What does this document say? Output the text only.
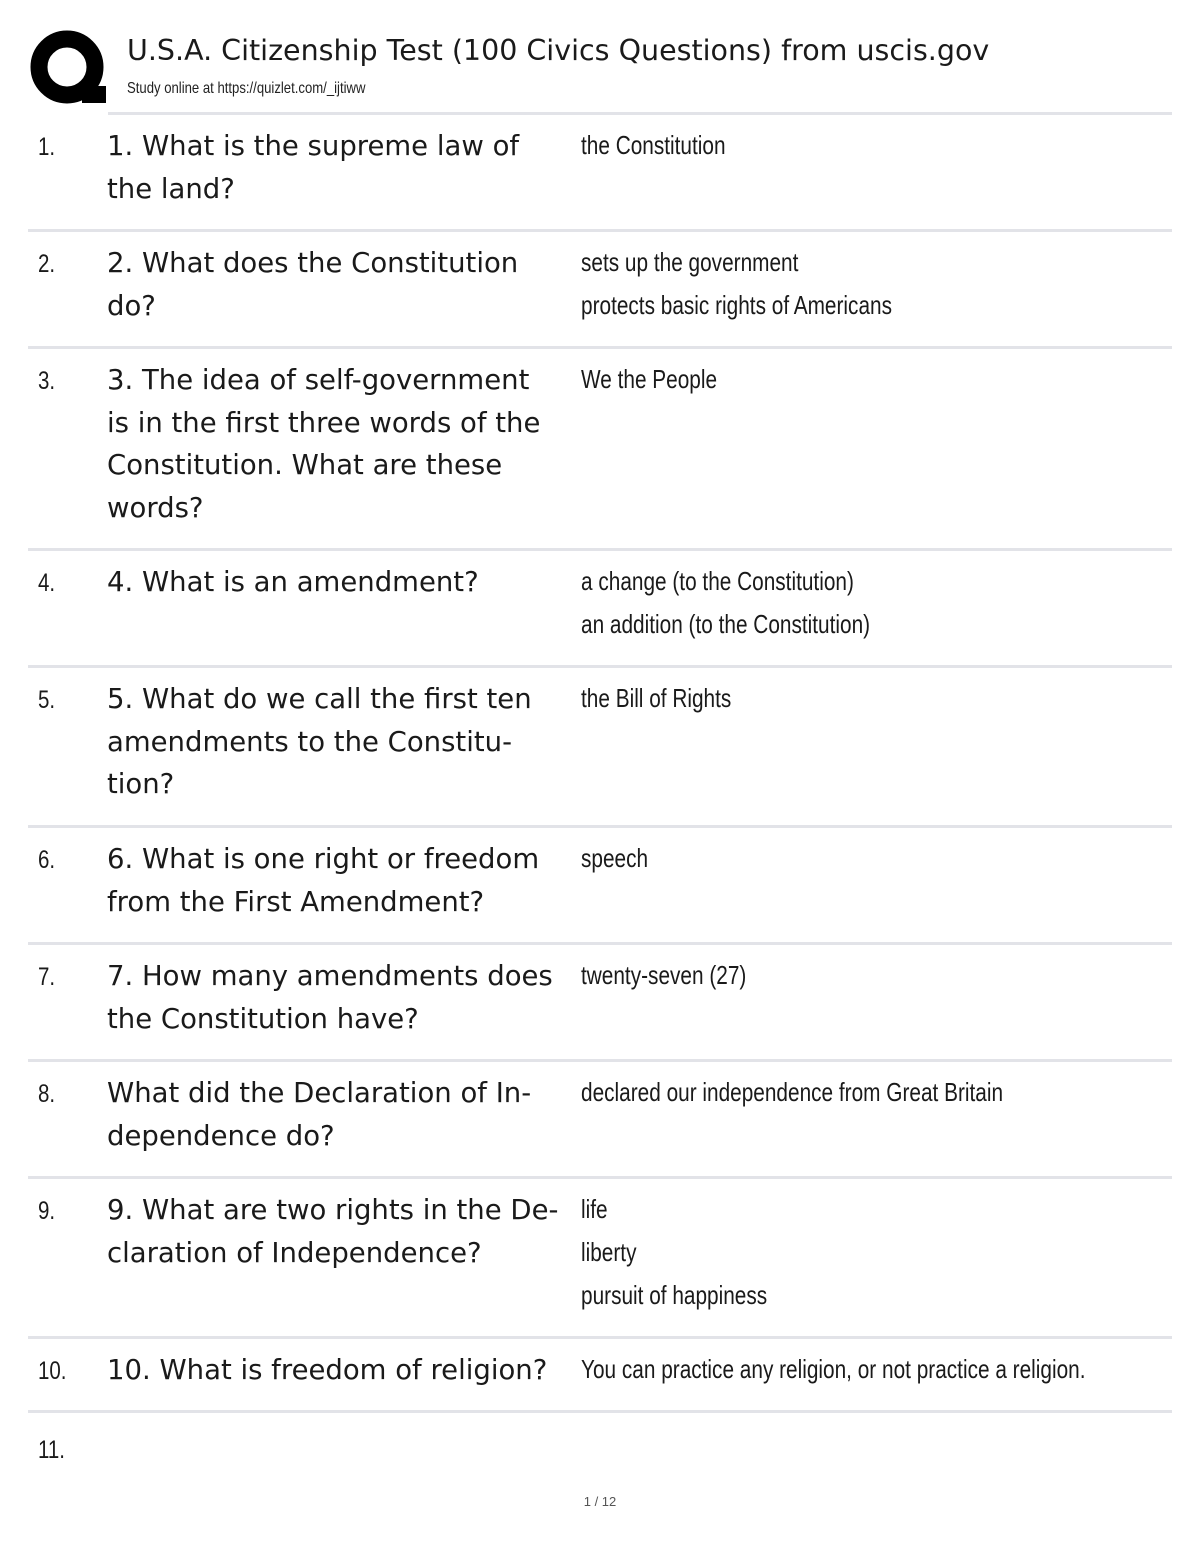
U.S.A. Citizenship Test (100 Civics Questions) from uscis.gov
Study online at https://quizlet.com/_ijtiww
1. 1. What is the supreme law of
the land?
the Constitution
2. 2. What does the Constitution
do?
sets up the government
protects basic rights of Americans
3. 3. The idea of self-government
is in the first three words of the
Constitution. What are these
words?
We the People
4. 4. What is an amendment?	a change (to the Constitution)
an addition (to the Constitution)
5. 5. What do we call the first ten
amendments to the Constitu-
tion?
the Bill of Rights
6. 6. What is one right or freedom
from the First Amendment?
speech
7. 7. How many amendments does
the Constitution have?
twenty-seven (27)
8. What did the Declaration of In-
dependence do?
declared our independence from Great Britain
9. 9. What are two rights in the De-
claration of Independence?
life
liberty
pursuit of happiness
10. 10. What is freedom of religion?	You can practice any religion, or not practice a religion.
11.
1 / 12
